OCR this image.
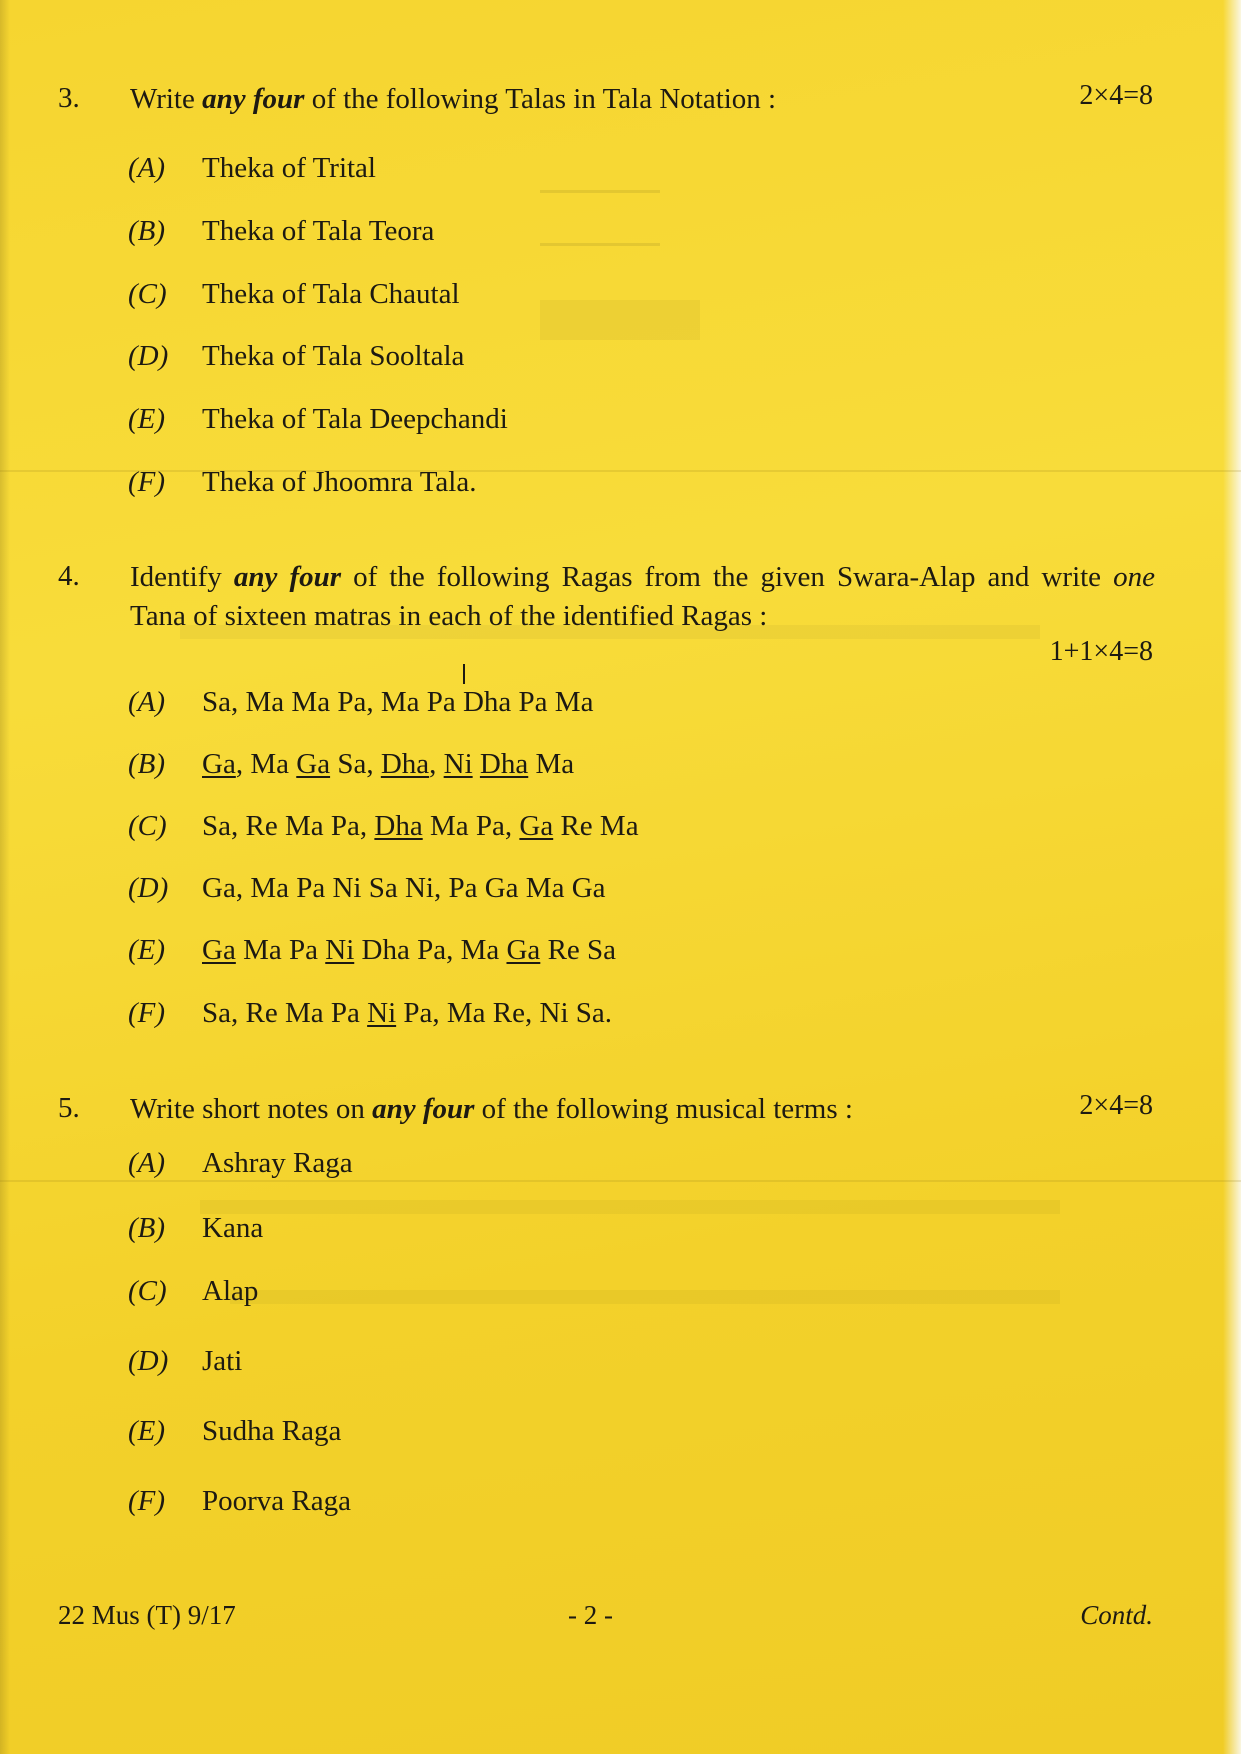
3. Write any four of the following Talas in Tala Notation :	2×4=8
(A) Theka of Trital
(B) Theka of Tala Teora
(C) Theka of Tala Chautal
(D) Theka of Tala Sooltala
(E) Theka of Tala Deepchandi
(F) Theka of Jhoomra Tala.
4. Identify any four of the following Ragas from the given Swara-Alap and write one Tana of sixteen matras in each of the identified Ragas :
1+1×4=8
(A) Sa, Ma Ma Pa, Ma Pa Dha Pa Ma
(B) Ga, Ma Ga Sa, Dha, Ni Dha Ma
(C) Sa, Re Ma Pa, Dha Ma Pa, Ga Re Ma
(D) Ga, Ma Pa Ni Sa Ni, Pa Ga Ma Ga
(E) Ga Ma Pa Ni Dha Pa, Ma Ga Re Sa
(F) Sa, Re Ma Pa Ni Pa, Ma Re, Ni Sa.
5. Write short notes on any four of the following musical terms :	2×4=8
(A) Ashray Raga
(B) Kana
(C) Alap
(D) Jati
(E) Sudha Raga
(F) Poorva Raga
22 Mus (T) 9/17	- 2 -	Contd.
